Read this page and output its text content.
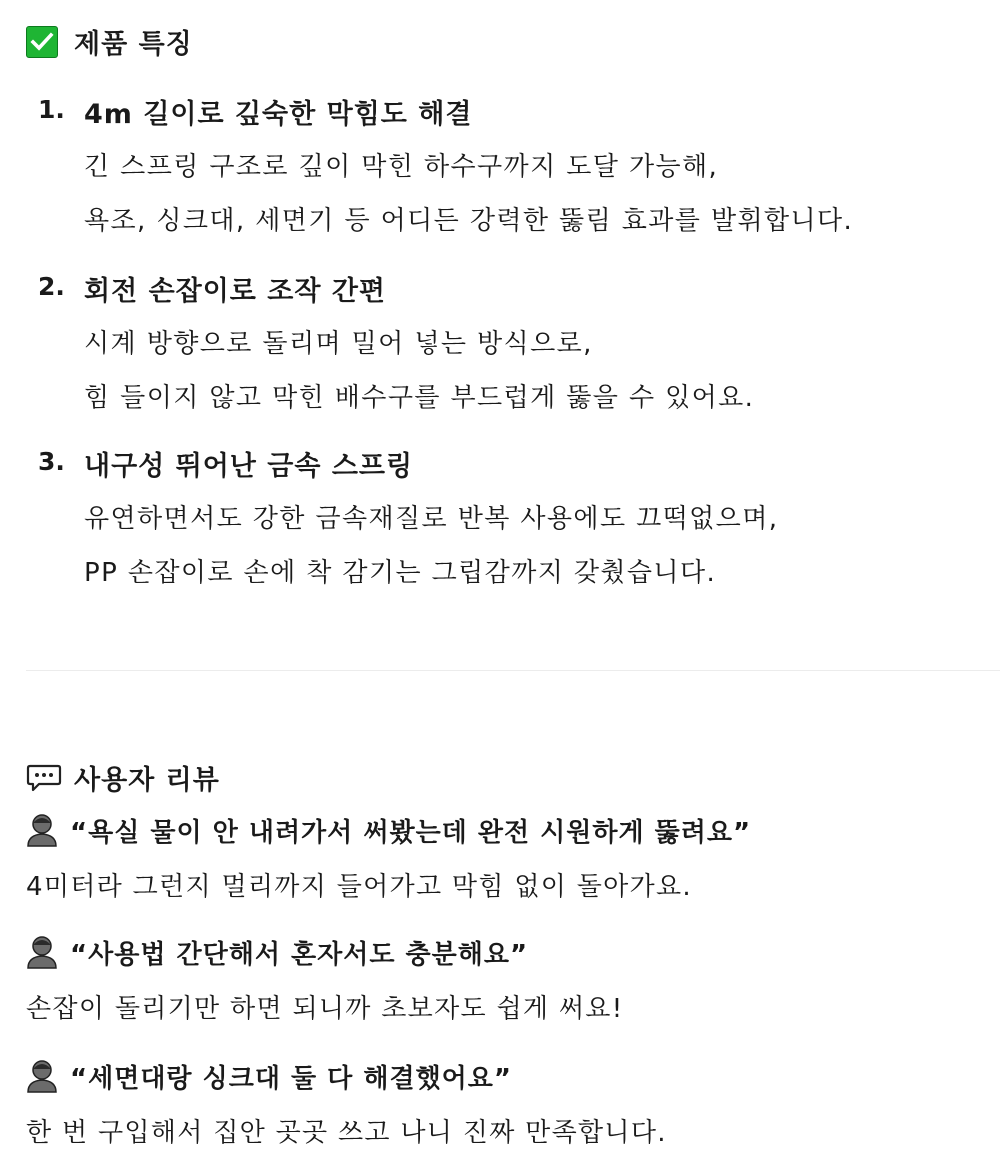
제품 특징
1. 4m 길이로 깊숙한 막힘도 해결
긴 스프링 구조로 깊이 막힌 하수구까지 도달 가능해,
욕조, 싱크대, 세면기 등 어디든 강력한 뚫림 효과를 발휘합니다.
2. 회전 손잡이로 조작 간편
시계 방향으로 돌리며 밀어 넣는 방식으로,
힘 들이지 않고 막힌 배수구를 부드럽게 뚫을 수 있어요.
3. 내구성 뛰어난 금속 스프링
유연하면서도 강한 금속재질로 반복 사용에도 끄떡없으며,
PP 손잡이로 손에 착 감기는 그립감까지 갖췄습니다.
사용자 리뷰
“욕실 물이 안 내려가서 써봤는데 완전 시원하게 뚫려요”
4미터라 그런지 멀리까지 들어가고 막힘 없이 돌아가요.
“사용법 간단해서 혼자서도 충분해요”
손잡이 돌리기만 하면 되니까 초보자도 쉽게 써요!
“세면대랑 싱크대 둘 다 해결했어요”
한 번 구입해서 집안 곳곳 쓰고 나니 진짜 만족합니다.
